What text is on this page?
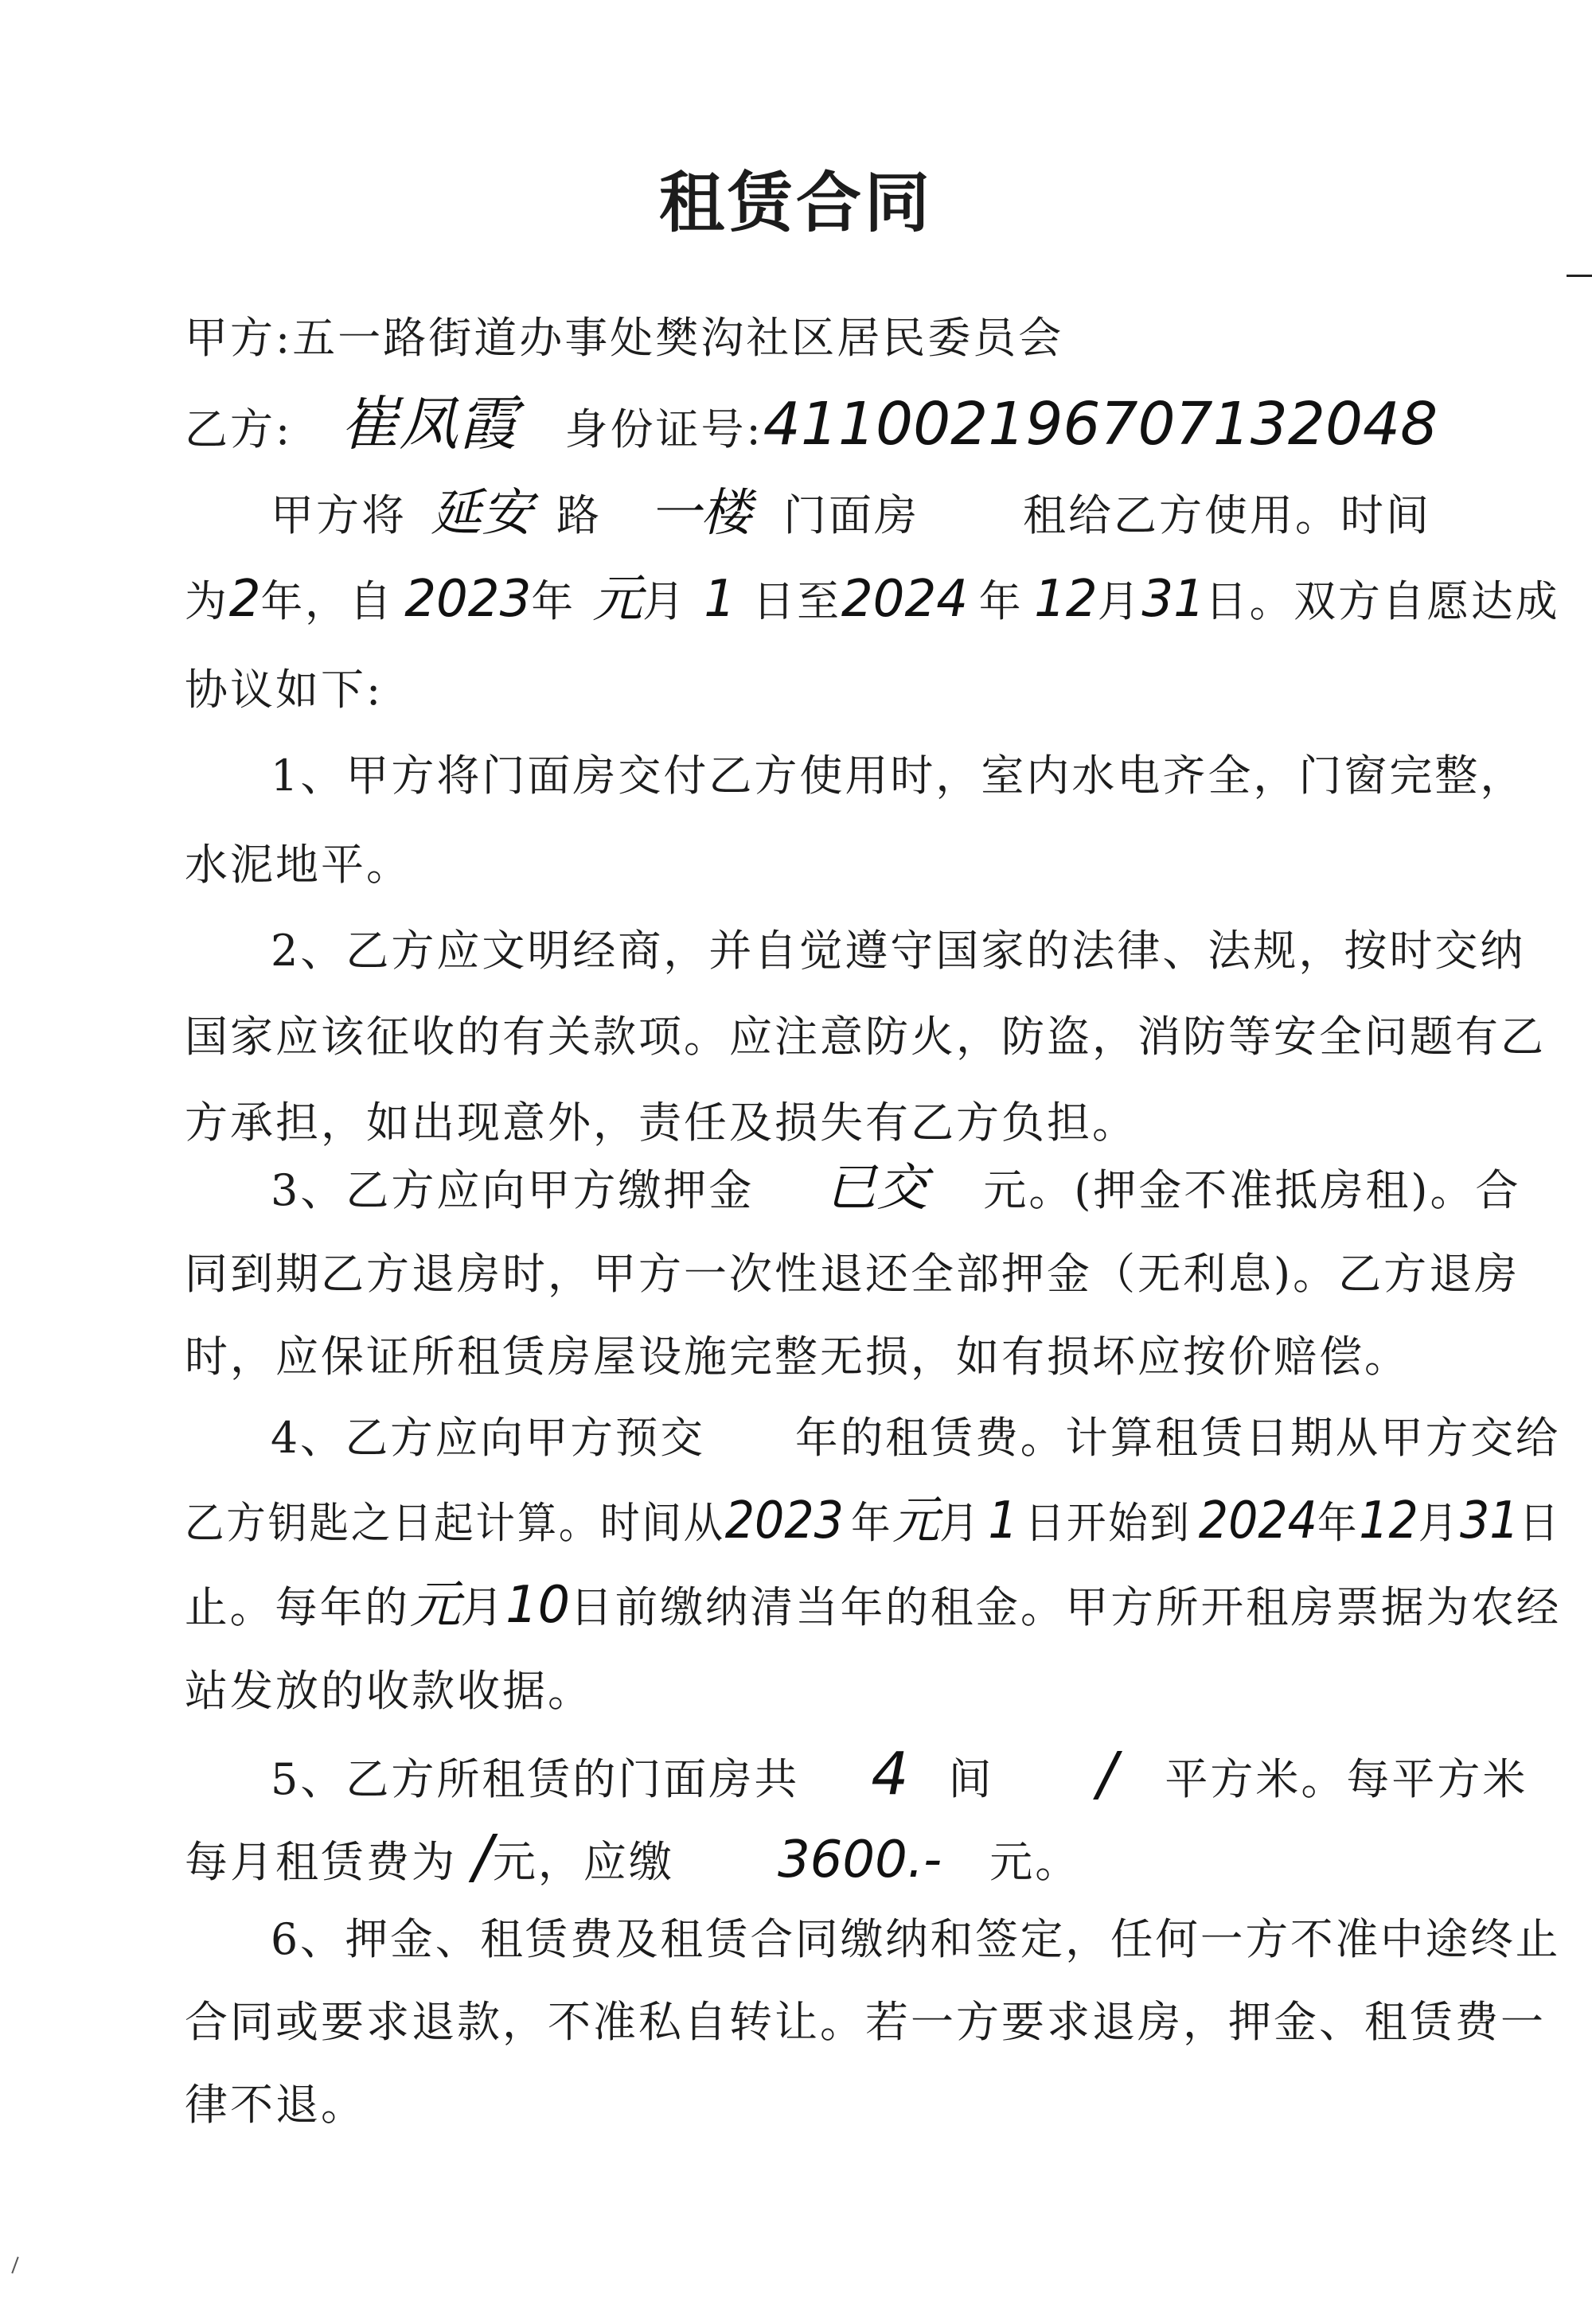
租赁合同
甲方:五一路街道办事处樊沟社区居民委员会
乙方: 崔凤霞 身份证号:411002196707132048
甲方将 延安 路 一楼 门面房 租给乙方使用。时间
为2年，自 2023年 元月 1 日至2024 年 12月31日。双方自愿达成
协议如下:
1、甲方将门面房交付乙方使用时，室内水电齐全，门窗完整，
水泥地平。
2、乙方应文明经商，并自觉遵守国家的法律、法规，按时交纳
国家应该征收的有关款项。应注意防火，防盗，消防等安全问题有乙
方承担，如出现意外，责任及损失有乙方负担。
3、乙方应向甲方缴押金 已交 元。(押金不准抵房租)。合
同到期乙方退房时，甲方一次性退还全部押金（无利息)。乙方退房
时，应保证所租赁房屋设施完整无损，如有损坏应按价赔偿。
4、乙方应向甲方预交　　年的租赁费。计算租赁日期从甲方交给
乙方钥匙之日起计算。时间从2023 年元月 1 日开始到 2024年12月31日
止。每年的元月10日前缴纳清当年的租金。甲方所开租房票据为农经
站发放的收款收据。
5、乙方所租赁的门面房共 4 间 / 平方米。每平方米
每月租赁费为 /元，应缴 3600.- 元。
6、押金、租赁费及租赁合同缴纳和签定，任何一方不准中途终止
合同或要求退款，不准私自转让。若一方要求退房，押金、租赁费一
律不退。
